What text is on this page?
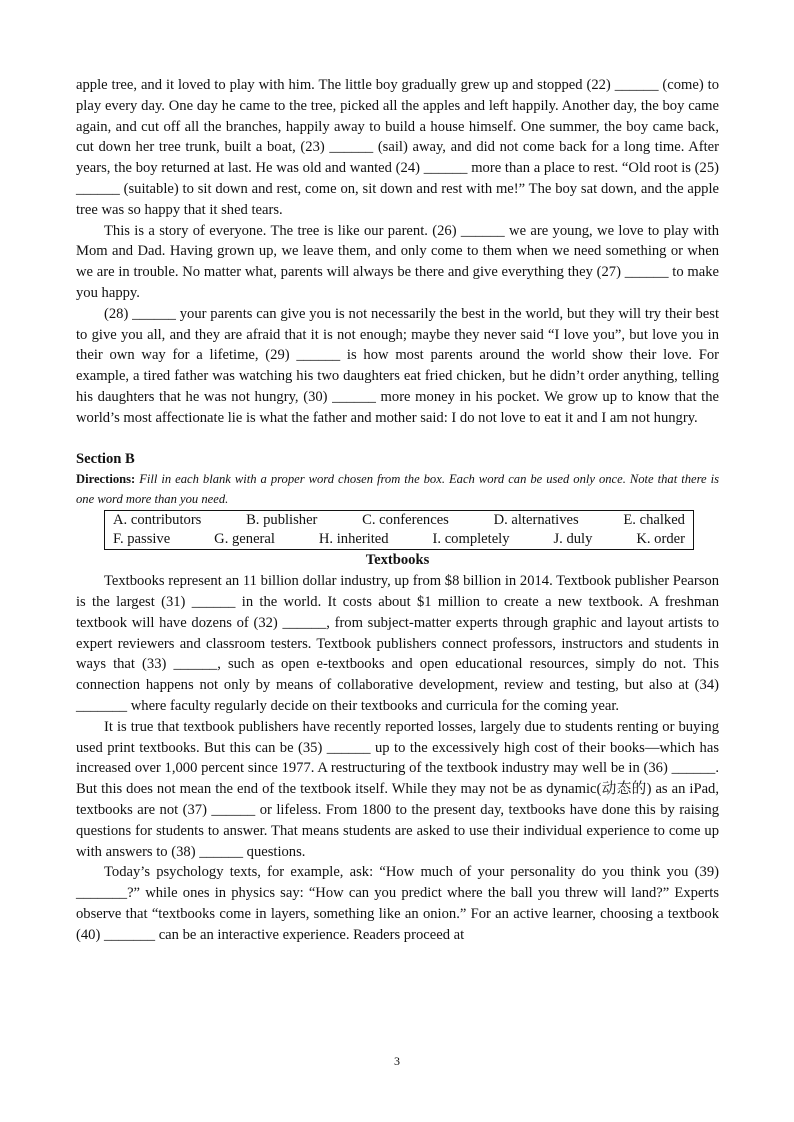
apple tree, and it loved to play with him. The little boy gradually grew up and stopped (22) ______ (come) to play every day. One day he came to the tree, picked all the apples and left happily. Another day, the boy came again, and cut off all the branches, happily away to build a house himself. One summer, the boy came back, cut down her tree trunk, built a boat, (23) ______ (sail) away, and did not come back for a long time. After years, the boy returned at last. He was old and wanted (24) ______ more than a place to rest. “Old root is (25) ______ (suitable) to sit down and rest, come on, sit down and rest with me!” The boy sat down, and the apple tree was so happy that it shed tears.

This is a story of everyone. The tree is like our parent. (26) ______ we are young, we love to play with Mom and Dad. Having grown up, we leave them, and only come to them when we need something or when we are in trouble. No matter what, parents will always be there and give everything they (27) ______ to make you happy.

(28) ______ your parents can give you is not necessarily the best in the world, but they will try their best to give you all, and they are afraid that it is not enough; maybe they never said “I love you”, but love you in their own way for a lifetime, (29) ______ is how most parents around the world show their love. For example, a tired father was watching his two daughters eat fried chicken, but he didn’t order anything, telling his daughters that he was not hungry, (30) ______ more money in his pocket. We grow up to know that the world’s most affectionate lie is what the father and mother said: I do not love to eat it and I am not hungry.

Section B

Directions: Fill in each blank with a proper word chosen from the box. Each word can be used only once. Note that there is one word more than you need.

A. contributors	B. publisher	C. conferences	D. alternatives	E. chalked
F. passive	G. general	H. inherited	I. completely	J. duly	K. order

Textbooks

Textbooks represent an 11 billion dollar industry, up from $8 billion in 2014. Textbook publisher Pearson is the largest (31) ______ in the world. It costs about $1 million to create a new textbook. A freshman textbook will have dozens of (32) ______, from subject-matter experts through graphic and layout artists to expert reviewers and classroom testers. Textbook publishers connect professors, instructors and students in ways that (33) ______, such as open e-textbooks and open educational resources, simply do not. This connection happens not only by means of collaborative development, review and testing, but also at (34) _______ where faculty regularly decide on their textbooks and curricula for the coming year.

It is true that textbook publishers have recently reported losses, largely due to students renting or buying used print textbooks. But this can be (35) ______ up to the excessively high cost of their books—which has increased over 1,000 percent since 1977. A restructuring of the textbook industry may well be in (36) ______. But this does not mean the end of the textbook itself. While they may not be as dynamic(动态的) as an iPad, textbooks are not (37) ______ or lifeless. From 1800 to the present day, textbooks have done this by raising questions for students to answer. That means students are asked to use their individual experience to come up with answers to (38) ______ questions.

Today’s psychology texts, for example, ask: “How much of your personality do you think you (39) _______?” while ones in physics say: “How can you predict where the ball you threw will land?” Experts observe that “textbooks come in layers, something like an onion.” For an active learner, choosing a textbook (40) _______ can be an interactive experience. Readers proceed at

3
